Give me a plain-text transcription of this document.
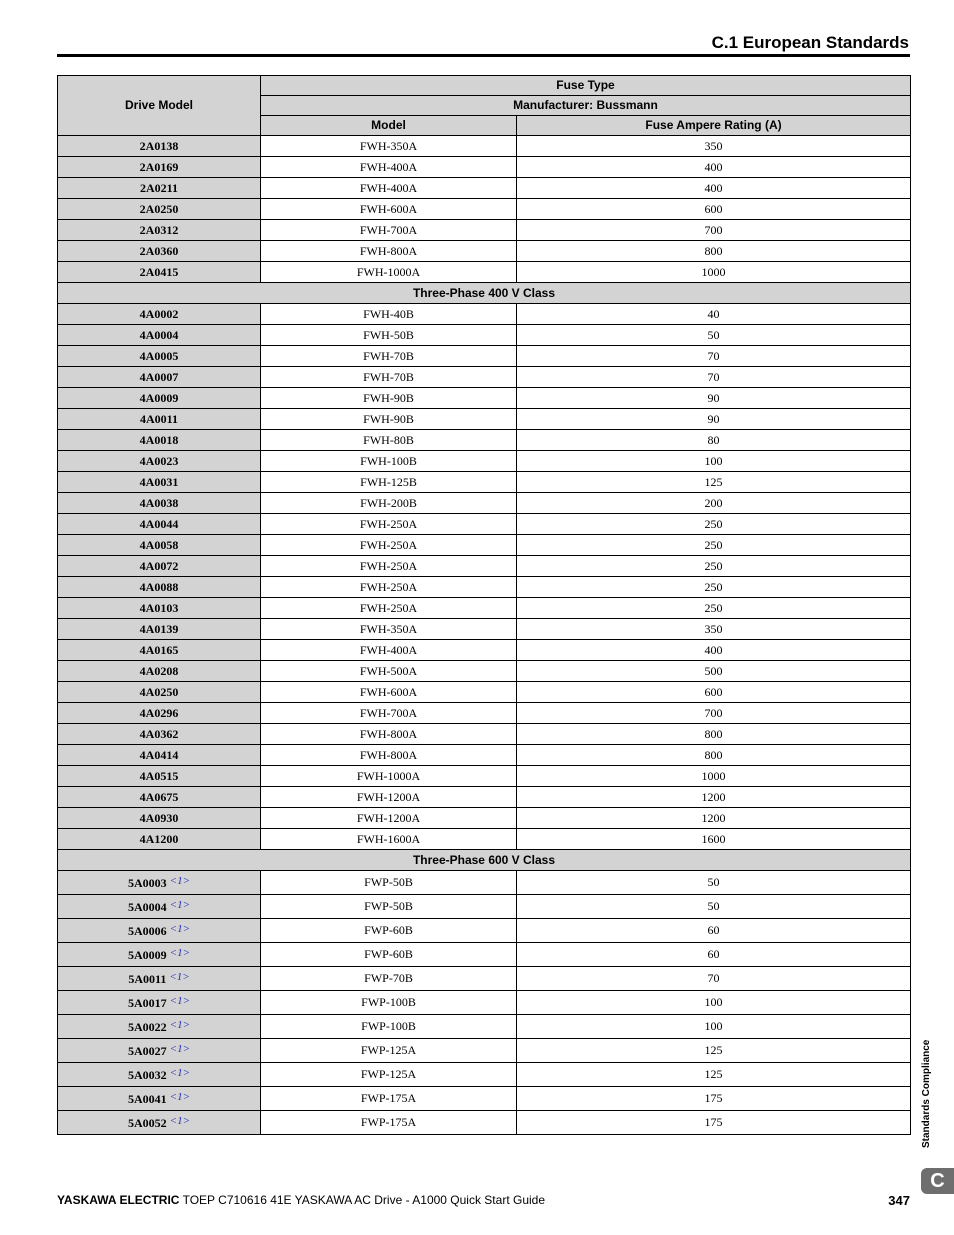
C.1 European Standards
Drive Model	Fuse Type	
	Manufacturer: Bussmann	
	Model	Fuse Ampere Rating (A)
2A0138	FWH-350A	350
2A0169	FWH-400A	400
2A0211	FWH-400A	400
2A0250	FWH-600A	600
2A0312	FWH-700A	700
2A0360	FWH-800A	800
2A0415	FWH-1000A	1000
Three-Phase 400 V Class		
4A0002	FWH-40B	40
4A0004	FWH-50B	50
4A0005	FWH-70B	70
4A0007	FWH-70B	70
4A0009	FWH-90B	90
4A0011	FWH-90B	90
4A0018	FWH-80B	80
4A0023	FWH-100B	100
4A0031	FWH-125B	125
4A0038	FWH-200B	200
4A0044	FWH-250A	250
4A0058	FWH-250A	250
4A0072	FWH-250A	250
4A0088	FWH-250A	250
4A0103	FWH-250A	250
4A0139	FWH-350A	350
4A0165	FWH-400A	400
4A0208	FWH-500A	500
4A0250	FWH-600A	600
4A0296	FWH-700A	700
4A0362	FWH-800A	800
4A0414	FWH-800A	800
4A0515	FWH-1000A	1000
4A0675	FWH-1200A	1200
4A0930	FWH-1200A	1200
4A1200	FWH-1600A	1600
Three-Phase 600 V Class		
5A0003 <1>	FWP-50B	50
5A0004 <1>	FWP-50B	50
5A0006 <1>	FWP-60B	60
5A0009 <1>	FWP-60B	60
5A0011 <1>	FWP-70B	70
5A0017 <1>	FWP-100B	100
5A0022 <1>	FWP-100B	100
5A0027 <1>	FWP-125A	125
5A0032 <1>	FWP-125A	125
5A0041 <1>	FWP-175A	175
5A0052 <1>	FWP-175A	175	Standards Compliance
C
YASKAWA ELECTRIC TOEP C710616 41E YASKAWA AC Drive - A1000 Quick Start Guide	347
